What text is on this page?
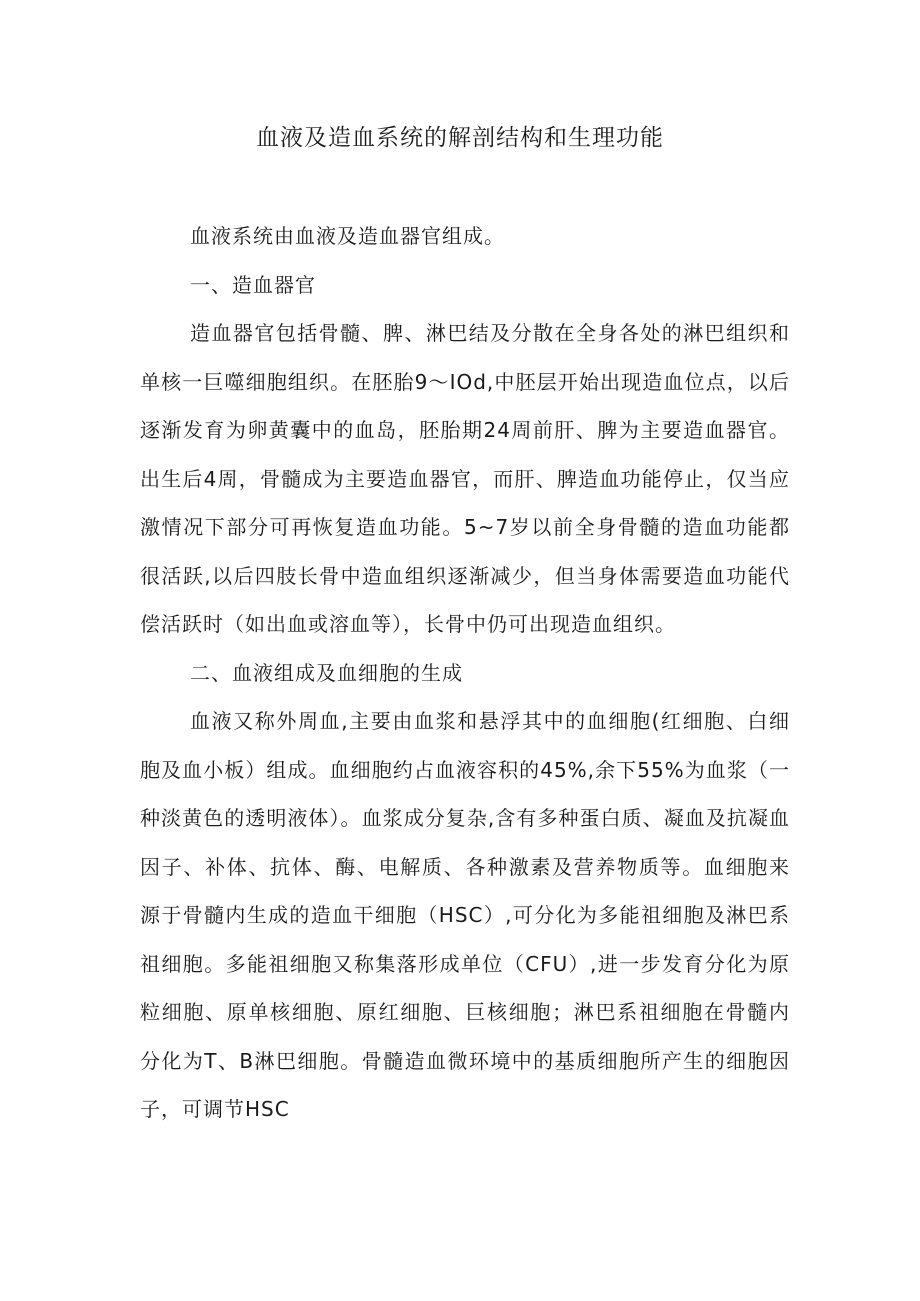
血液及造血系统的解剖结构和生理功能

血液系统由血液及造血器官组成。

一、造血器官

造血器官包括骨髓、脾、淋巴结及分散在全身各处的淋巴组织和单核一巨噬细胞组织。在胚胎9〜IOd,中胚层开始出现造血位点，以后逐渐发育为卵黄囊中的血岛，胚胎期24周前肝、脾为主要造血器官。出生后4周，骨髓成为主要造血器官，而肝、脾造血功能停止，仅当应激情况下部分可再恢复造血功能。5~7岁以前全身骨髓的造血功能都很活跃,以后四肢长骨中造血组织逐渐减少，但当身体需要造血功能代偿活跃时（如出血或溶血等），长骨中仍可出现造血组织。

二、血液组成及血细胞的生成

血液又称外周血,主要由血浆和悬浮其中的血细胞(红细胞、白细胞及血小板）组成。血细胞约占血液容积的45%,余下55%为血浆（一种淡黄色的透明液体）。血浆成分复杂,含有多种蛋白质、凝血及抗凝血因子、补体、抗体、酶、电解质、各种激素及营养物质等。血细胞来源于骨髓内生成的造血干细胞（HSC）,可分化为多能祖细胞及淋巴系祖细胞。多能祖细胞又称集落形成单位（CFU）,进一步发育分化为原粒细胞、原单核细胞、原红细胞、巨核细胞；淋巴系祖细胞在骨髓内分化为T、B淋巴细胞。骨髓造血微环境中的基质细胞所产生的细胞因子，可调节HSC
